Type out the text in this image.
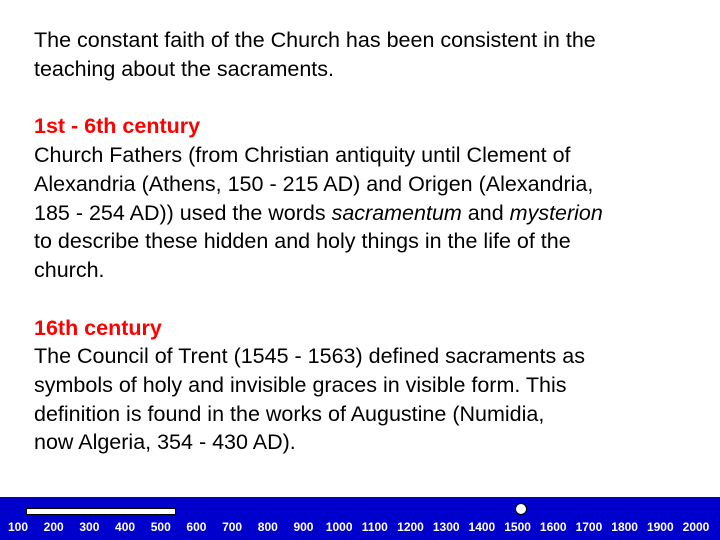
The constant faith of the Church has been consistent in the
teaching about the sacraments.

1st - 6th century
Church Fathers (from Christian antiquity until Clement of
Alexandria (Athens, 150 - 215 AD) and Origen (Alexandria,
185 - 254 AD)) used the words sacramentum and mysterion
to describe these hidden and holy things in the life of the
church.

16th century
The Council of Trent (1545 - 1563) defined sacraments as
symbols of holy and invisible graces in visible form. This
definition is found in the works of Augustine (Numidia,
now Algeria, 354 - 430 AD).

100 200 300 400 500 600 700 800 900 1000 1100 1200 1300 1400 1500 1600 1700 1800 1900 2000
